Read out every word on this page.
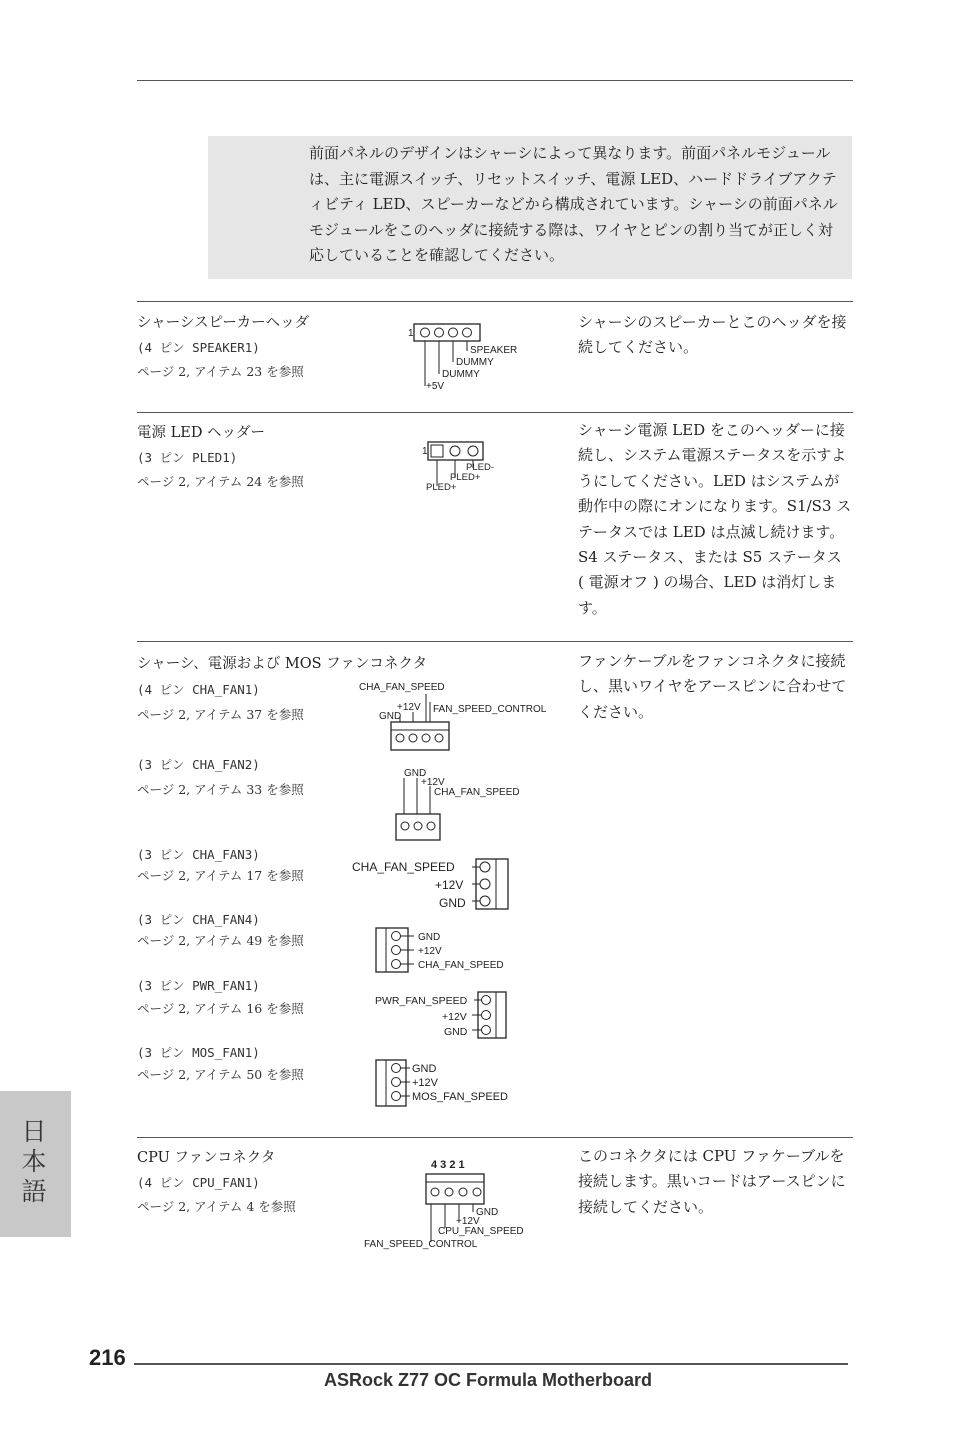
前面パネルのデザインはシャーシによって異なります。前面パネルモジュールは、主に電源スイッチ、リセットスイッチ、電源 LED、ハードドライブアクティビティ LED、スピーカーなどから構成されています。シャーシの前面パネルモジュールをこのヘッダに接続する際は、ワイヤとピンの割り当てが正しく対応していることを確認してください。
シャーシスピーカーヘッダ
(4 ピン SPEAKER1)
ページ 2, アイテム 23 を参照
シャーシのスピーカーとこのヘッダを接続してください。
1
SPEAKER
DUMMY
DUMMY
+5V
電源 LED ヘッダー
(3 ピン PLED1)
ページ 2, アイテム 24 を参照
シャーシ電源 LED をこのヘッダーに接続し、システム電源ステータスを示すようにしてください。LED はシステムが動作中の際にオンになります。S1/S3 ステータスでは LED は点滅し続けます。S4 ステータス、または S5 ステータス ( 電源オフ ) の場合、LED は消灯します。
1
PLED-
PLED+
PLED+
シャーシ、電源および MOS ファンコネクタ	ファンケーブルをファンコネクタに接続し、黒いワイヤをアースピンに合わせてください。
(4 ピン CHA_FAN1)
ページ 2, アイテム 37 を参照
(3 ピン CHA_FAN2)
ページ 2, アイテム 33 を参照
(3 ピン CHA_FAN3)
ページ 2, アイテム 17 を参照
(3 ピン CHA_FAN4)
ページ 2, アイテム 49 を参照
(3 ピン PWR_FAN1)
ページ 2, アイテム 16 を参照
(3 ピン MOS_FAN1)
ページ 2, アイテム 50 を参照
CHA_FAN_SPEED
+12V
GND
FAN_SPEED_CONTROL
GND
+12V
CHA_FAN_SPEED
CHA_FAN_SPEED
+12V
GND
GND
+12V
CHA_FAN_SPEED
PWR_FAN_SPEED
+12V
GND
GND
+12V
MOS_FAN_SPEED
CPU ファンコネクタ
(4 ピン CPU_FAN1)
ページ 2, アイテム 4 を参照
このコネクタには CPU ファケーブルを接続します。黒いコードはアースピンに接続してください。
4 3 2 1
GND
+12V
CPU_FAN_SPEED
FAN_SPEED_CONTROL
日本語
216
ASRock Z77 OC Formula Motherboard
